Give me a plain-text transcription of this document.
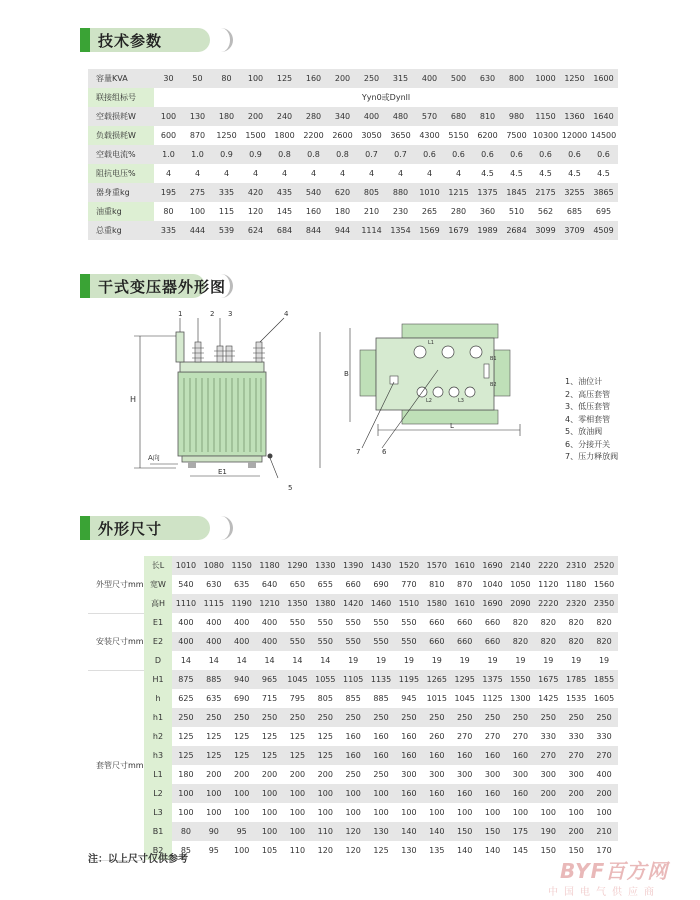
技术参数
干式变压器外形图
外形尺寸
容量KVA	30	50	80	100	125	160	200	250	315	400	500	630	800	1000	1250	1600
联接组标号	Yyn0或Dynll															
空载损耗W	100	130	180	200	240	280	340	400	480	570	680	810	980	1150	1360	1640
负载损耗W	600	870	1250	1500	1800	2200	2600	3050	3650	4300	5150	6200	7500	10300	12000	14500
空载电流%	1.0	1.0	0.9	0.9	0.8	0.8	0.8	0.7	0.7	0.6	0.6	0.6	0.6	0.6	0.6	0.6
阻抗电压%	4	4	4	4	4	4	4	4	4	4	4	4.5	4.5	4.5	4.5	4.5
器身重kg	195	275	335	420	435	540	620	805	880	1010	1215	1375	1845	2175	3255	3865
油重kg	80	100	115	120	145	160	180	210	230	265	280	360	510	562	685	695
总重kg	335	444	539	624	684	844	944	1114	1354	1569	1679	1989	2684	3099	3709	4509
1	2 3	4
5
H
A向
E1
7	6
L
B
L1
L2	L3
B1
B2	1、油位计
2、高压套管
3、低压套管
4、零相套管
5、放油阀
6、分接开关
7、压力释放阀
外型尺寸mm	长L	1010	1080	1150	1180	1290	1330	1390	1430	1520	1570	1610	1690	2140	2220	2310	2520
	宽W	540	630	635	640	650	655	660	690	770	810	870	1040	1050	1120	1180	1560
	高H	1110	1115	1190	1210	1350	1380	1420	1460	1510	1580	1610	1690	2090	2220	2320	2350
安装尺寸mm	E1	400	400	400	400	550	550	550	550	550	660	660	660	820	820	820	820
	E2	400	400	400	400	550	550	550	550	550	660	660	660	820	820	820	820
	D	14	14	14	14	14	14	19	19	19	19	19	19	19	19	19	19
套管尺寸mm	H1	875	885	940	965	1045	1055	1105	1135	1195	1265	1295	1375	1550	1675	1785	1855
	h	625	635	690	715	795	805	855	885	945	1015	1045	1125	1300	1425	1535	1605
	h1	250	250	250	250	250	250	250	250	250	250	250	250	250	250	250	250
	h2	125	125	125	125	125	125	160	160	160	260	270	270	270	330	330	330
	h3	125	125	125	125	125	125	160	160	160	160	160	160	160	270	270	270
	L1	180	200	200	200	200	200	250	250	300	300	300	300	300	300	300	400
	L2	100	100	100	100	100	100	100	100	160	160	160	160	160	200	200	200
	L3	100	100	100	100	100	100	100	100	100	100	100	100	100	100	100	100
	B1	80	90	95	100	100	110	120	130	140	140	150	150	175	190	200	210
	B2	85	95	100	105	110	120	120	125	130	135	140	140	145	150	150	170
注：以上尺寸仅供参考	BYF百方网
中国电气供应商
